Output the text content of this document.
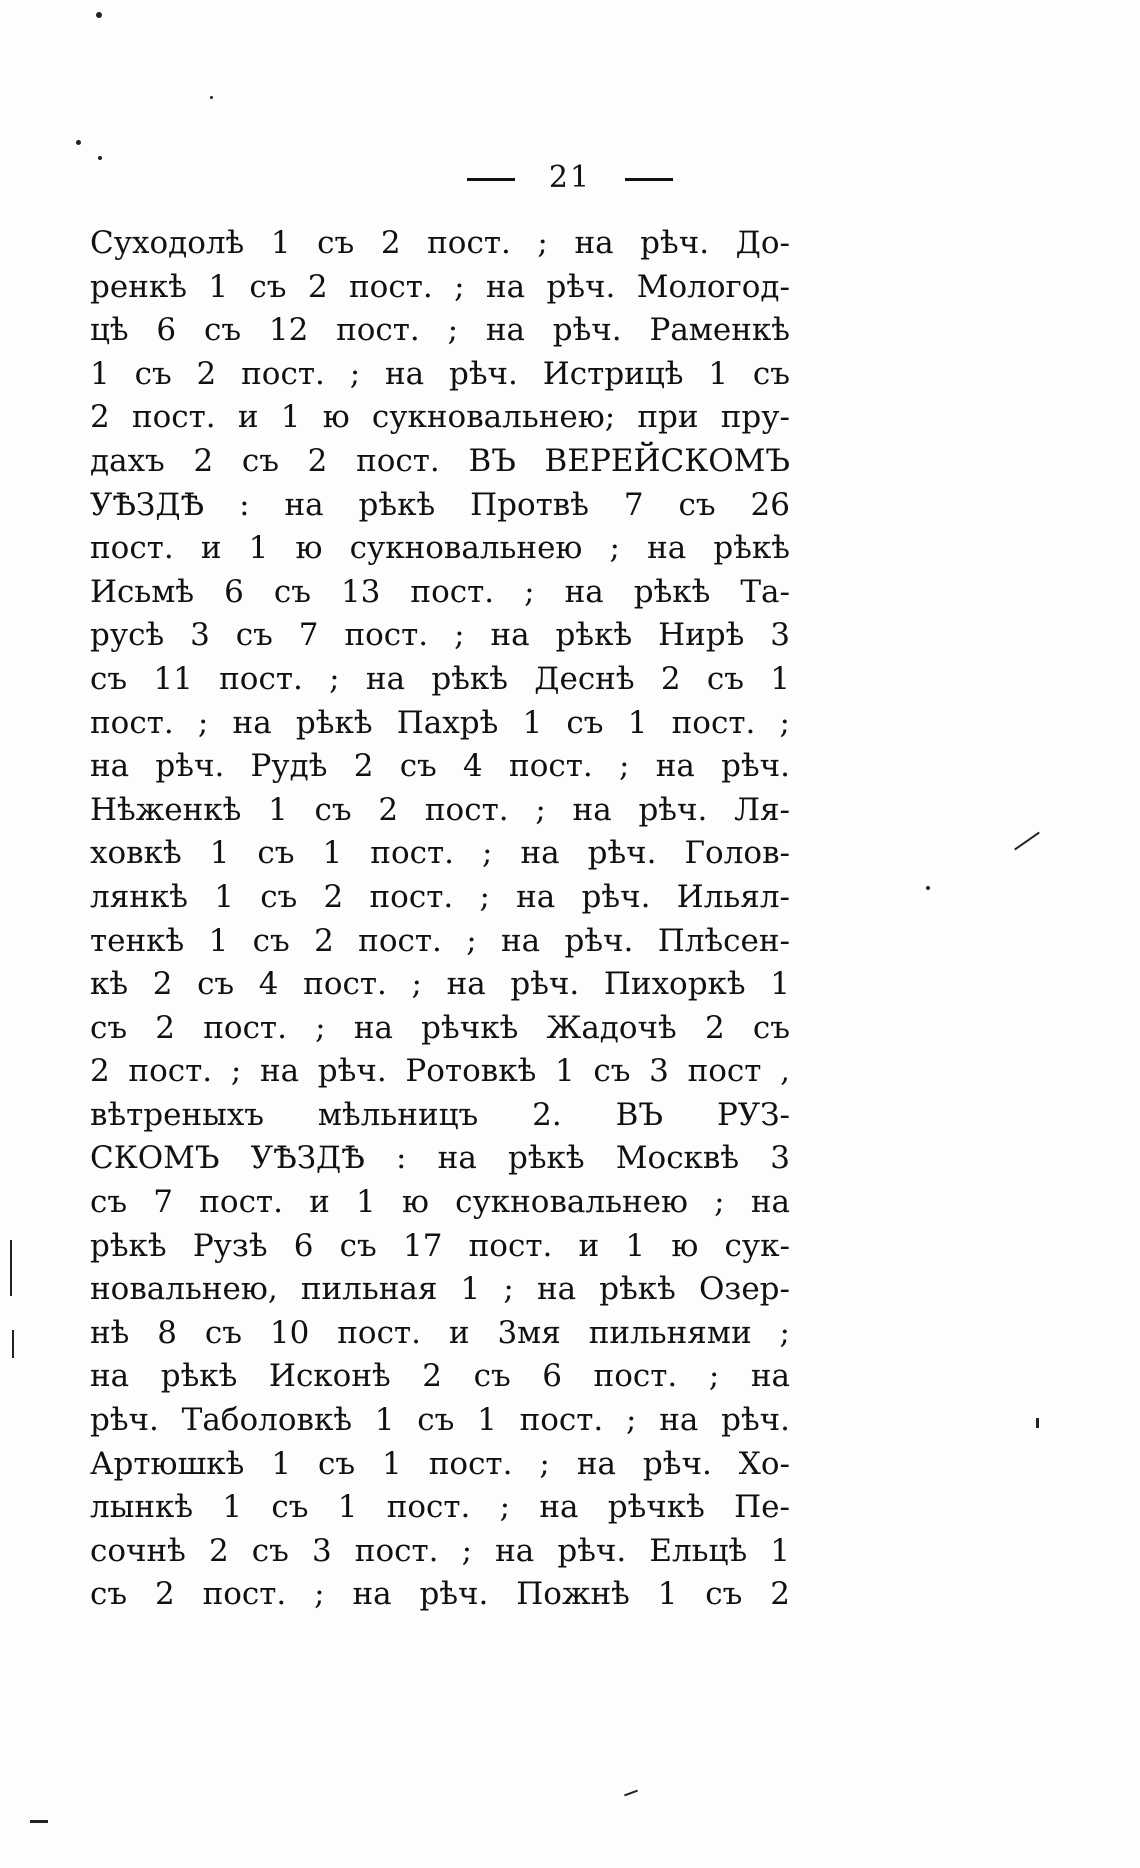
21
Суходолѣ 1 съ 2 пост. ; на рѣч. До-
ренкѣ 1 съ 2 пост. ; на рѣч. Мологод-
цѣ 6 съ 12 пост. ; на рѣч. Раменкѣ
1 съ 2 пост. ; на рѣч. Истрицѣ 1 съ
2 пост. и 1 ю сукновальнею; при пру-
дахъ 2 съ 2 пост. ВЪ ВЕРЕЙСКОМЪ
УѢЗДѢ : на рѣкѣ Протвѣ 7 съ 26
пост. и 1 ю сукновальнею ; на рѣкѣ
Исьмѣ 6 съ 13 пост. ; на рѣкѣ Та-
русѣ 3 съ 7 пост. ; на рѣкѣ Нирѣ 3
съ 11 пост. ; на рѣкѣ Деснѣ 2 съ 1
пост. ; на рѣкѣ Пахрѣ 1 съ 1 пост. ;
на рѣч. Рудѣ 2 съ 4 пост. ; на рѣч.
Нѣженкѣ 1 съ 2 пост. ; на рѣч. Ля-
ховкѣ 1 съ 1 пост. ; на рѣч. Голов-
лянкѣ 1 съ 2 пост. ; на рѣч. Ильял-
тенкѣ 1 съ 2 пост. ; на рѣч. Плѣсен-
кѣ 2 съ 4 пост. ; на рѣч. Пихоркѣ 1
съ 2 пост. ; на рѣчкѣ Жадочѣ 2 съ
2 пост. ; на рѣч. Ротовкѣ 1 съ 3 пост ,
вѣтреныхъ мѣльницъ 2. ВЪ РУЗ-
СКОМЪ УѢЗДѢ : на рѣкѣ Москвѣ 3
съ 7 пост. и 1 ю сукновальнею ; на
рѣкѣ Рузѣ 6 съ 17 пост. и 1 ю сук-
новальнею, пильная 1 ; на рѣкѣ Озер-
нѣ 8 съ 10 пост. и 3мя пильнями ;
на рѣкѣ Исконѣ 2 съ 6 пост. ; на
рѣч. Таболовкѣ 1 съ 1 пост. ; на рѣч.
Артюшкѣ 1 съ 1 пост. ; на рѣч. Хо-
лынкѣ 1 съ 1 пост. ; на рѣчкѣ Пе-
сочнѣ 2 съ 3 пост. ; на рѣч. Ельцѣ 1
съ 2 пост. ; на рѣч. Пожнѣ 1 съ 2
